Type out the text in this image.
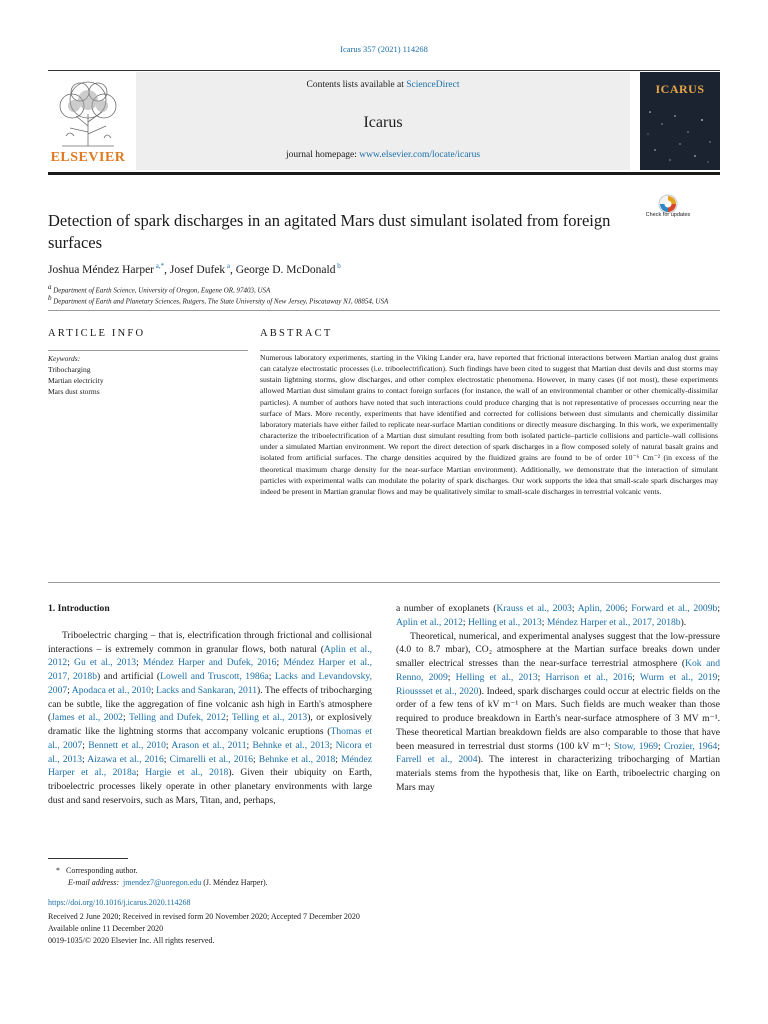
Icarus 357 (2021) 114268
ELSEVIER
Contents lists available at ScienceDirect
Icarus
journal homepage: www.elsevier.com/locate/icarus
ICARUS
Detection of spark discharges in an agitated Mars dust simulant isolated from foreign surfaces
Check for updates
Joshua Méndez Harper $^{a,*}$, Josef Dufek $^a$, George D. McDonald $^b$
$^a$ Department of Earth Science, University of Oregon, Eugene OR, 97403, USA
$^b$ Department of Earth and Planetary Sciences, Rutgers, The State University of New Jersey, Piscataway NJ, 08854, USA
ARTICLE INFO	ABSTRACT
Keywords:
Tribocharging
Martian electricity
Mars dust storms
Numerous laboratory experiments, starting in the Viking Lander era, have reported that frictional interactions between Martian analog dust grains can catalyze electrostatic processes (i.e. triboelectrification). Such findings have been cited to suggest that Martian dust devils and dust storms may sustain lightning storms, glow discharges, and other complex electrostatic phenomena. However, in many cases (if not most), these experiments allowed Martian dust simulant grains to contact foreign surfaces (for instance, the wall of an environmental chamber or other chemically-dissimilar particles). A number of authors have noted that such interactions could produce charging that is not representative of processes occurring near the surface of Mars. More recently, experiments that have identified and corrected for collisions between dust simulants and chemically dissimilar laboratory materials have either failed to replicate near-surface Martian conditions or directly measure discharging. In this work, we experimentally characterize the triboelectrification of a Martian dust simulant resulting from both isolated particle–particle collisions and particle–wall collisions under a simulated Martian environment. We report the direct detection of spark discharges in a flow composed solely of natural basalt grains and isolated from artificial surfaces. The charge densities acquired by the fluidized grains are found to be of order 10⁻⁶ Cm⁻² (in excess of the theoretical maximum charge density for the near-surface Martian environment). Additionally, we demonstrate that the interaction of simulant particles with experimental walls can modulate the polarity of spark discharges. Our work supports the idea that small-scale spark discharges may indeed be present in Martian granular flows and may be qualitatively similar to small-scale discharges in terrestrial volcanic vents.
1. Introduction

Triboelectric charging – that is, electrification through frictional and collisional interactions – is extremely common in granular flows, both natural (Aplin et al., 2012; Gu et al., 2013; Méndez Harper and Dufek, 2016; Méndez Harper et al., 2017, 2018b) and artificial (Lowell and Truscott, 1986a; Lacks and Levandovsky, 2007; Apodaca et al., 2010; Lacks and Sankaran, 2011). The effects of tribocharging can be subtle, like the aggregation of fine volcanic ash high in Earth's atmosphere (James et al., 2002; Telling and Dufek, 2012; Telling et al., 2013), or explosively dramatic like the lightning storms that accompany volcanic eruptions (Thomas et al., 2007; Bennett et al., 2010; Arason et al., 2011; Behnke et al., 2013; Nicora et al., 2013; Aizawa et al., 2016; Cimarelli et al., 2016; Behnke et al., 2018; Méndez Harper et al., 2018a; Hargie et al., 2018). Given their ubiquity on Earth, triboelectric processes likely operate in other planetary environments with large dust and sand reservoirs, such as Mars, Titan, and, perhaps,

a number of exoplanets (Krauss et al., 2003; Aplin, 2006; Forward et al., 2009b; Aplin et al., 2012; Helling et al., 2013; Méndez Harper et al., 2017, 2018b).

Theoretical, numerical, and experimental analyses suggest that the low-pressure (4.0 to 8.7 mbar), CO₂ atmosphere at the Martian surface breaks down under smaller electrical stresses than the near-surface terrestrial atmosphere (Kok and Renno, 2009; Helling et al., 2013; Harrison et al., 2016; Wurm et al., 2019; Rioussset et al., 2020). Indeed, spark discharges could occur at electric fields on the order of a few tens of kV m⁻¹ on Mars. Such fields are much weaker than those required to produce breakdown in Earth's near-surface atmosphere of 3 MV m⁻¹. These theoretical Martian breakdown fields are also comparable to those that have been measured in terrestrial dust storms (100 kV m⁻¹; Stow, 1969; Crozier, 1964; Farrell et al., 2004). The interest in characterizing tribocharging of Martian materials stems from the hypothesis that, like on Earth, triboelectric charging on Mars may

* Corresponding author.
E-mail address: jmendez7@uoregon.edu (J. Méndez Harper).
https://doi.org/10.1016/j.icarus.2020.114268
Received 2 June 2020; Received in revised form 20 November 2020; Accepted 7 December 2020
Available online 11 December 2020
0019-1035/© 2020 Elsevier Inc. All rights reserved.
